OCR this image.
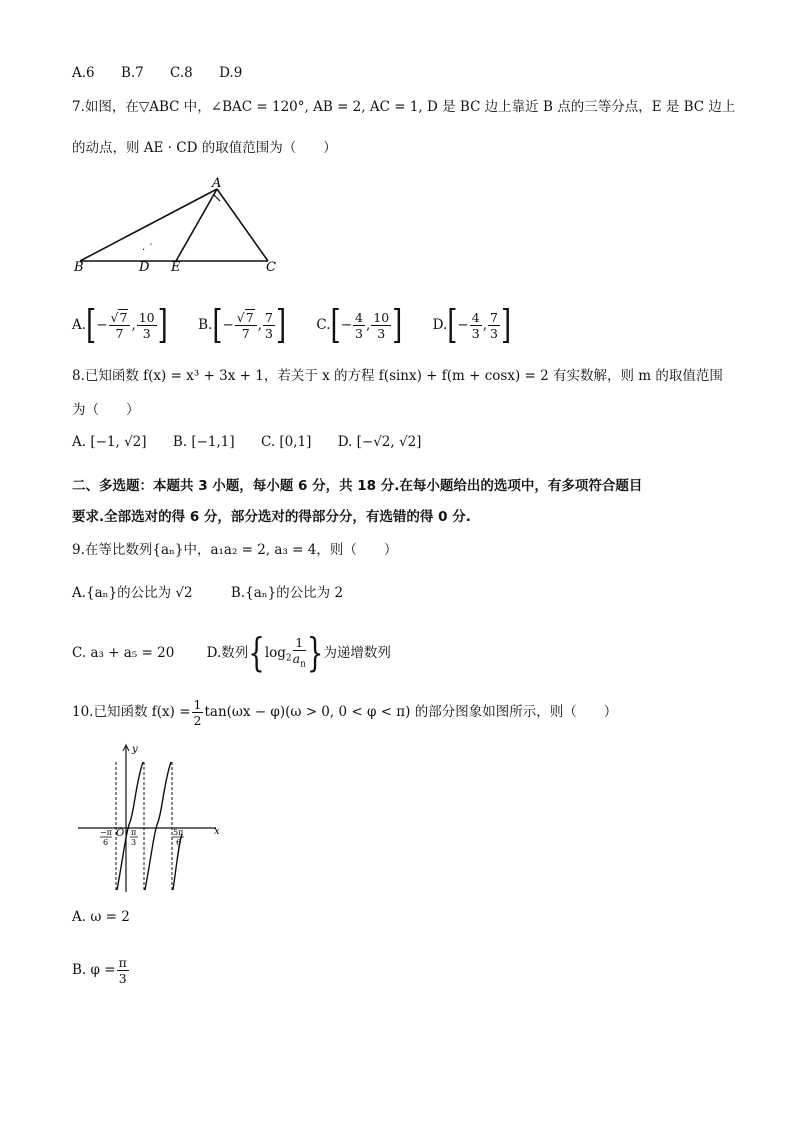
A.6 B.7 C.8 D.9
7.如图，在▽ABC 中，∠BAC = 120°, AB = 2, AC = 1, D 是 BC 边上靠近 B 点的三等分点，E 是 BC 边上
的动点，则 AE · CD 的取值范围为（　　）
· ′
A
B	D E	C
$A.[- \frac{√7}{7}$ , $\frac{10}{3}$ ] $B.[- \frac{√7}{7}$ , $\frac{7}{3}$ ] $C.[- \frac{4}{3}$ , $\frac{10}{3}$ ] $D.[- \frac{4}{3}$ , $\frac{7}{3}$ ]
8.已知函数 f(x) = x³ + 3x + 1，若关于 x 的方程 f(sinx) + f(m + cosx) = 2 有实数解，则 m 的取值范围
为（　　）
A. [−1, √2] B. [−1,1] C. [0,1] D. [−√2, √2]
二、多选题：本题共 3 小题，每小题 6 分，共 18 分.在每小题给出的选项中，有多项符合题目
要求.全部选对的得 6 分，部分选对的得部分分，有选错的得 0 分.
9.在等比数列{aₙ}中，a₁a₂ = 2, a₃ = 4，则（　　）
A.{aₙ}的公比为 √2	B.{aₙ}的公比为 2
C. a₃ + a₅ = 20 D.数列{$\log_2 \frac{1}{a_n}$ }为递增数列
10.已知函数 $f(x) = \frac{1}{2} \tan(\omega x - \varphi)(\omega > 0$, 0 < φ < π) 的部分图象如图所示，则（　　）
y
x
O
−π
6
π
3
5π
6
A. ω = 2
B. $\varphi = \frac{\pi}{3}$
